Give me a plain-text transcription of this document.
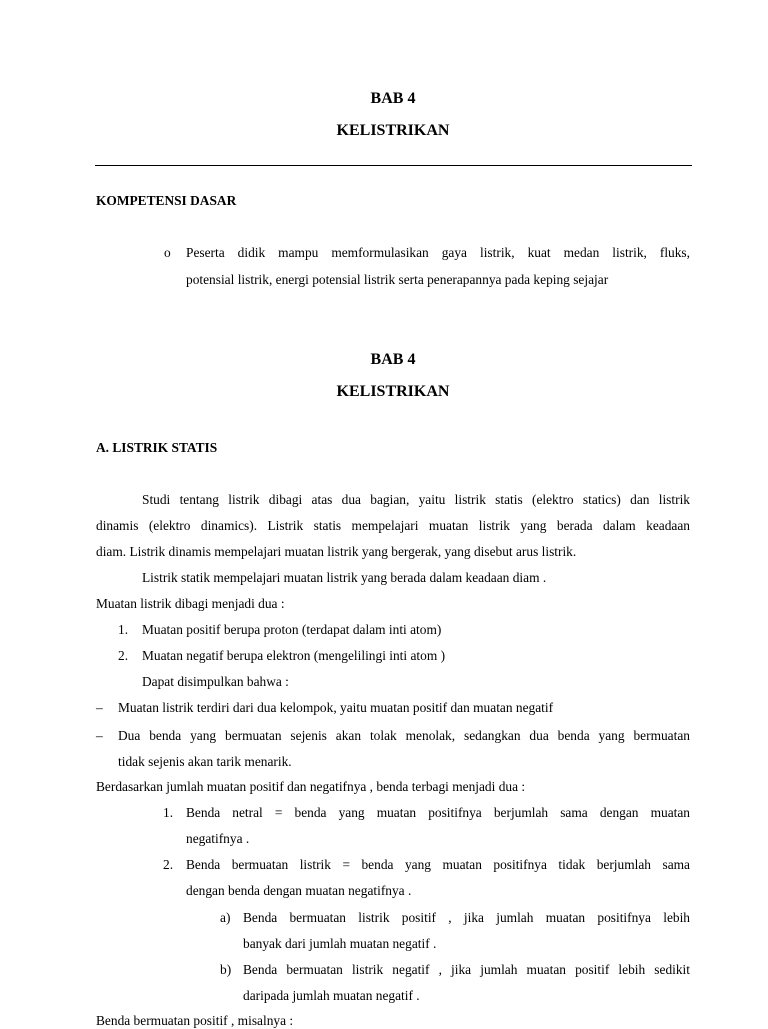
BAB 4
KELISTRIKAN
KOMPETENSI DASAR
o Peserta didik mampu memformulasikan gaya listrik, kuat medan listrik, fluks,
potensial listrik, energi potensial listrik serta penerapannya pada keping sejajar
BAB 4
KELISTRIKAN
A. LISTRIK STATIS
Studi tentang listrik dibagi atas dua bagian, yaitu listrik statis (elektro statics) dan listrik
dinamis (elektro dinamics). Listrik statis mempelajari muatan listrik yang berada dalam keadaan
diam. Listrik dinamis mempelajari muatan listrik yang bergerak, yang disebut arus listrik.
Listrik statik mempelajari muatan listrik yang berada dalam keadaan diam .
Muatan listrik dibagi menjadi dua :
1. Muatan positif berupa proton (terdapat dalam inti atom)
2. Muatan negatif berupa elektron (mengelilingi inti atom )
Dapat disimpulkan bahwa :
– Muatan listrik terdiri dari dua kelompok, yaitu muatan positif dan muatan negatif
– Dua benda yang bermuatan sejenis akan tolak menolak, sedangkan dua benda yang bermuatan
tidak sejenis akan tarik menarik.
Berdasarkan jumlah muatan positif dan negatifnya , benda terbagi menjadi dua :
1. Benda netral = benda yang muatan positifnya berjumlah sama dengan muatan
negatifnya .
2. Benda bermuatan listrik = benda yang muatan positifnya tidak berjumlah sama
dengan benda dengan muatan negatifnya .
a) Benda bermuatan listrik positif , jika jumlah muatan positifnya lebih
banyak dari jumlah muatan negatif .
b) Benda bermuatan listrik negatif , jika jumlah muatan positif lebih sedikit
daripada jumlah muatan negatif .
Benda bermuatan positif , misalnya :
